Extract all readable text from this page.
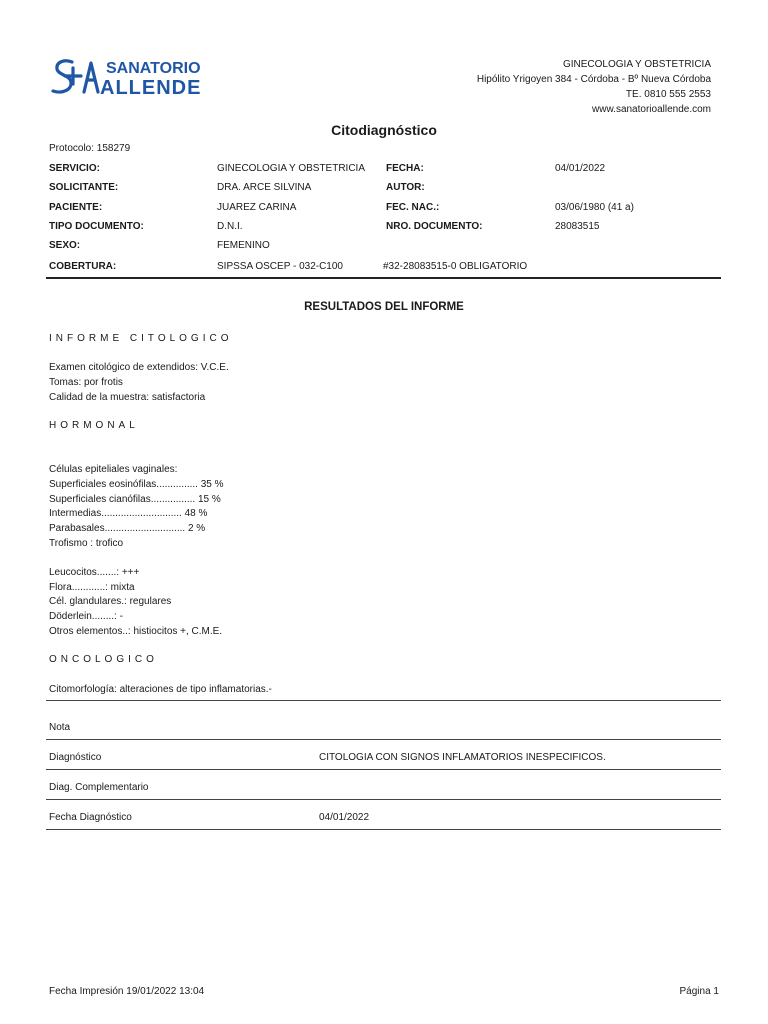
SANATORIO
ALLENDE
GINECOLOGIA Y OBSTETRICIA
Hipólito Yrigoyen 384 - Córdoba - Bº Nueva Córdoba
TE. 0810 555 2553
www.sanatorioallende.com
Citodiagnóstico
Protocolo: 158279
SERVICIO:	GINECOLOGIA Y OBSTETRICIA FECHA:	04/01/2022
SOLICITANTE:	DRA. ARCE SILVINA	AUTOR:
PACIENTE:	JUAREZ CARINA	FEC. NAC.:	03/06/1980 (41 a)
TIPO DOCUMENTO:	D.N.I.	NRO. DOCUMENTO:	28083515
SEXO:	FEMENINO
COBERTURA:	SIPSSA OSCEP - 032-C100	#32-28083515-0 OBLIGATORIO
RESULTADOS DEL INFORME
INFORME CITOLOGICO
Examen citológico de extendidos: V.C.E.
Tomas: por frotis
Calidad de la muestra: satisfactoria
HORMONAL
Células epiteliales vaginales:
Superficiales eosinófilas............... 35 %
Superficiales cianófilas................ 15 %
Intermedias............................. 48 %
Parabasales............................. 2 %
Trofismo : trofico
Leucocitos.......: +++
Flora............: mixta
Cél. glandulares.: regulares
Döderlein........: -
Otros elementos..: histiocitos +, C.M.E.
ONCOLOGICO
Citomorfología: alteraciones de tipo inflamatorias.-
Nota
Diagnóstico	CITOLOGIA CON SIGNOS INFLAMATORIOS INESPECIFICOS.
Diag. Complementario
Fecha Diagnóstico	04/01/2022
Fecha Impresión 19/01/2022 13:04	Página 1
